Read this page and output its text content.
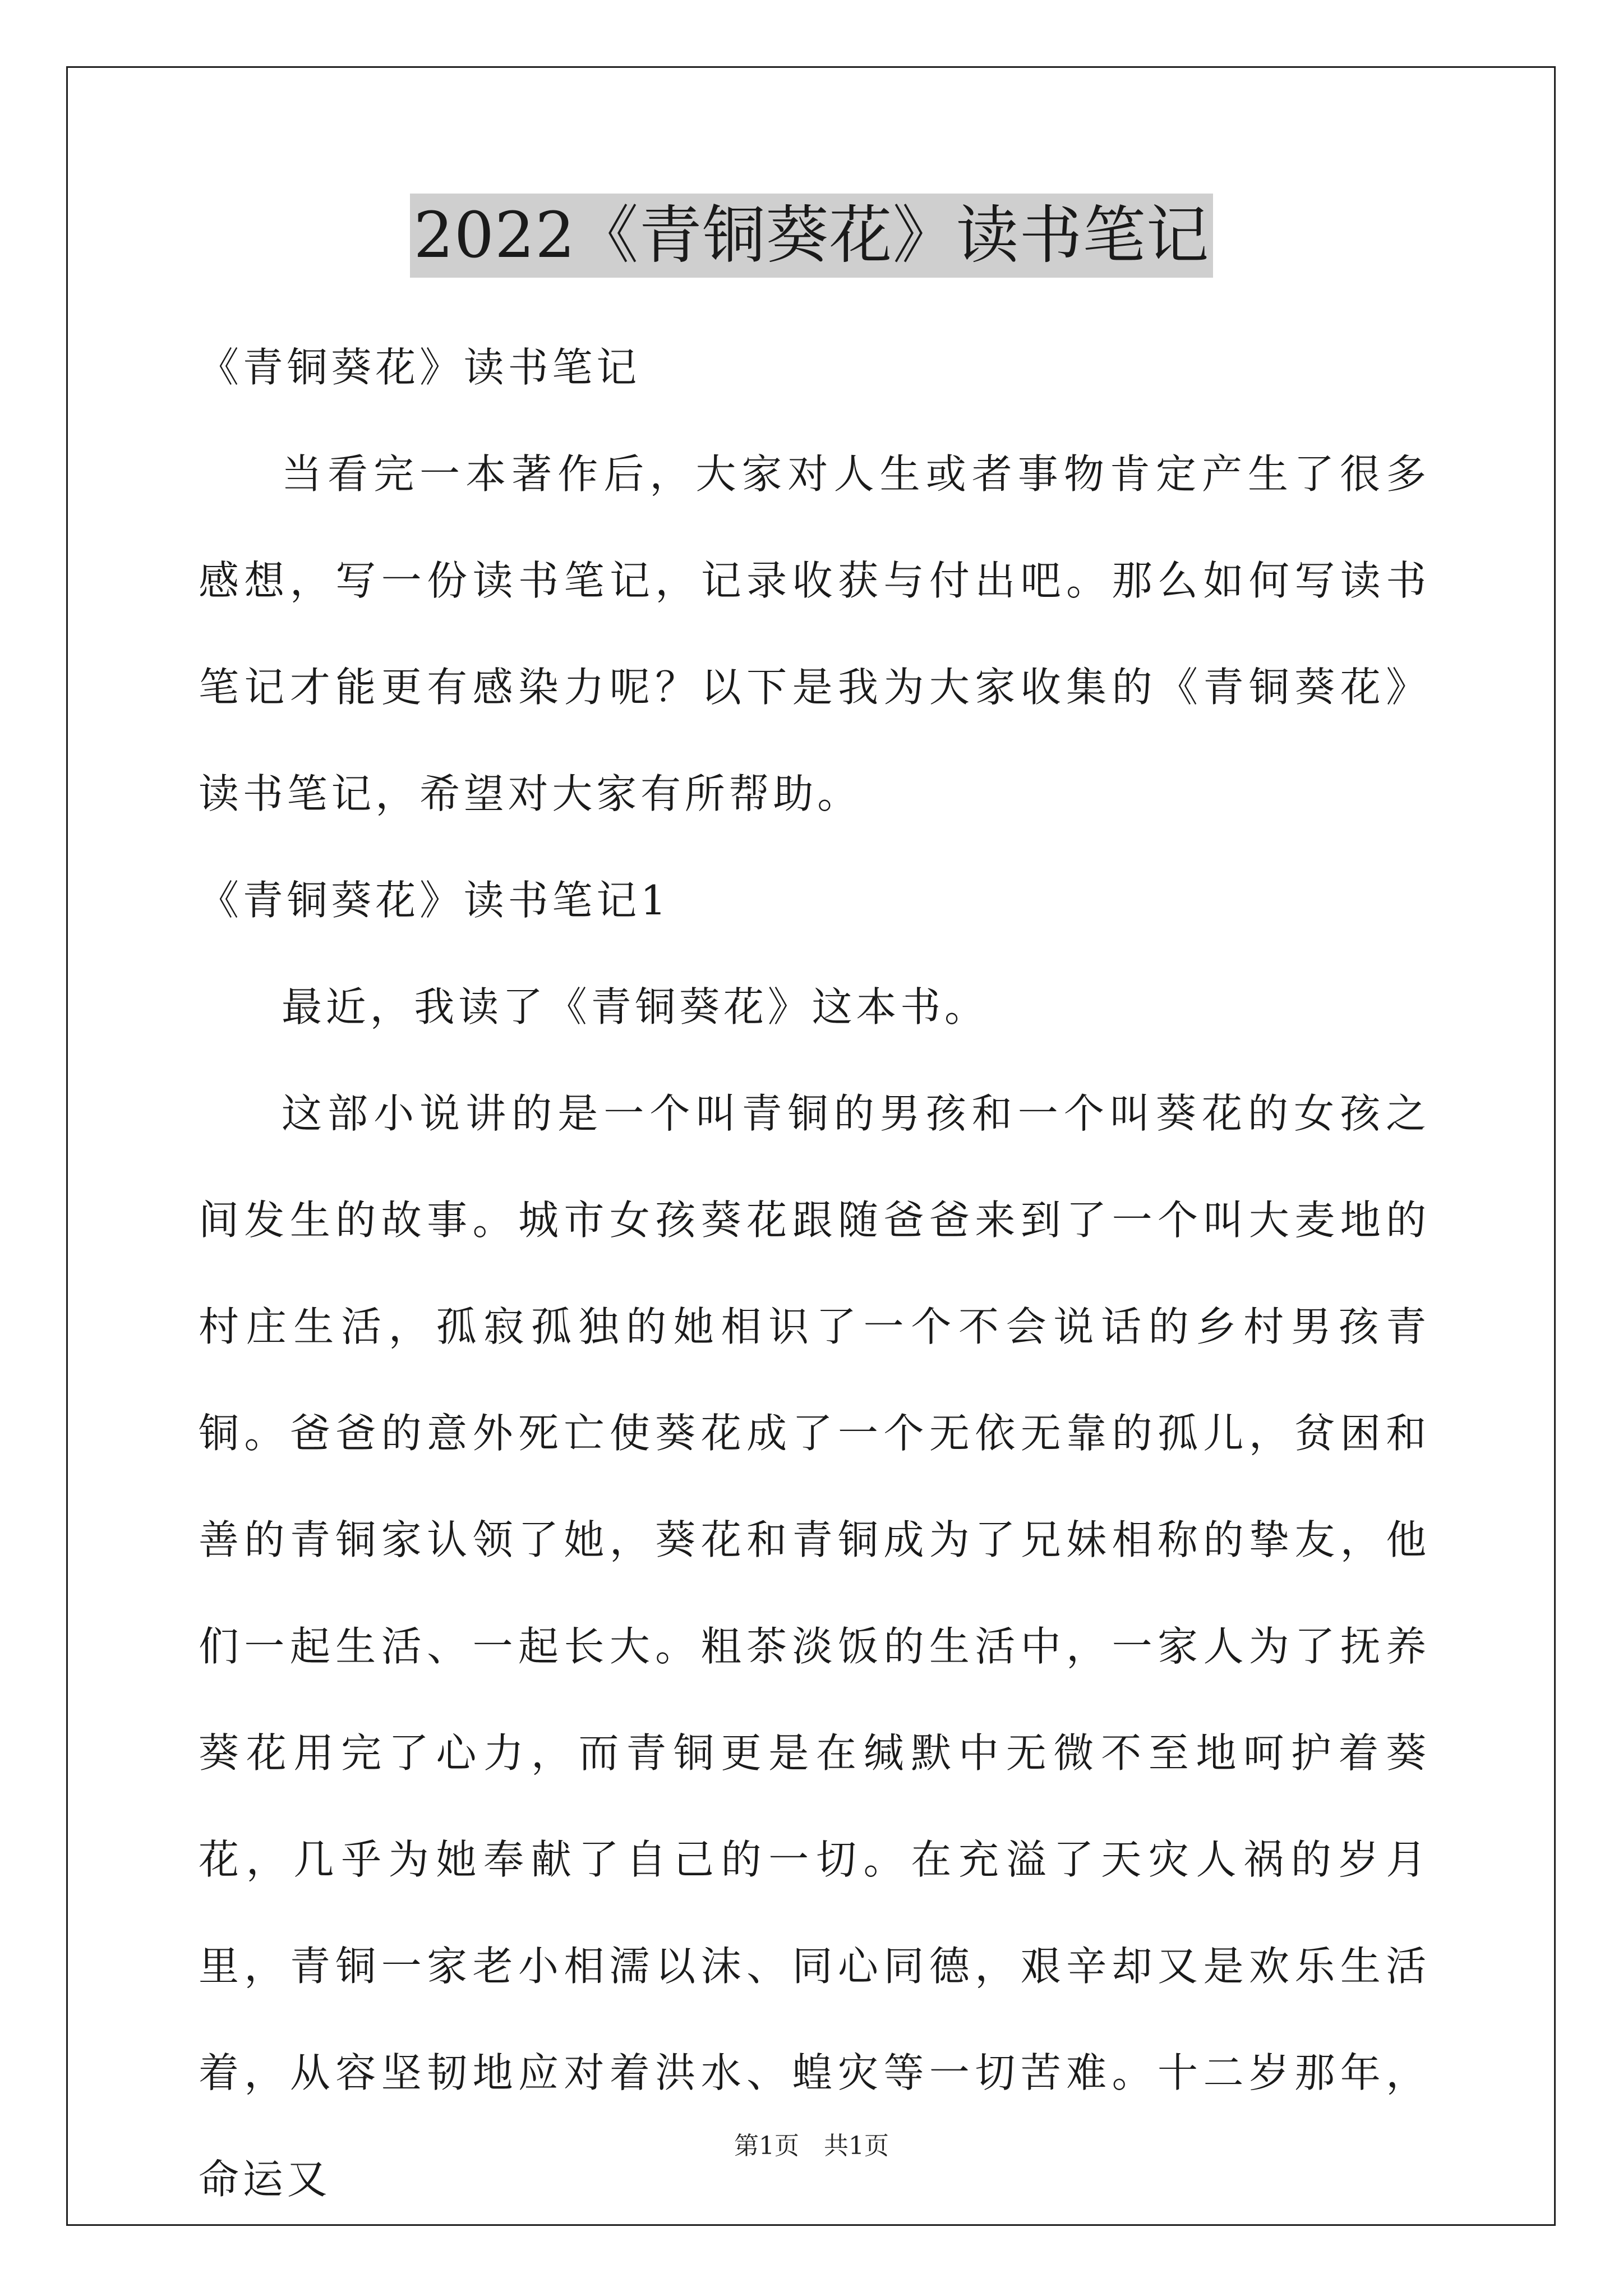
2022《青铜葵花》读书笔记

《青铜葵花》读书笔记

当看完一本著作后，大家对人生或者事物肯定产生了很多感想，写一份读书笔记，记录收获与付出吧。那么如何写读书笔记才能更有感染力呢？以下是我为大家收集的《青铜葵花》读书笔记，希望对大家有所帮助。

《青铜葵花》读书笔记1

最近，我读了《青铜葵花》这本书。

这部小说讲的是一个叫青铜的男孩和一个叫葵花的女孩之间发生的故事。城市女孩葵花跟随爸爸来到了一个叫大麦地的村庄生活，孤寂孤独的她相识了一个不会说话的乡村男孩青铜。爸爸的意外死亡使葵花成了一个无依无靠的孤儿，贫困和善的青铜家认领了她，葵花和青铜成为了兄妹相称的挚友，他们一起生活、一起长大。粗茶淡饭的生活中，一家人为了抚养葵花用完了心力，而青铜更是在缄默中无微不至地呵护着葵花，几乎为她奉献了自己的一切。在充溢了天灾人祸的岁月里，青铜一家老小相濡以沫、同心同德，艰辛却又是欢乐生活着，从容坚韧地应对着洪水、蝗灾等一切苦难。十二岁那年，命运又

第1页 共1页
